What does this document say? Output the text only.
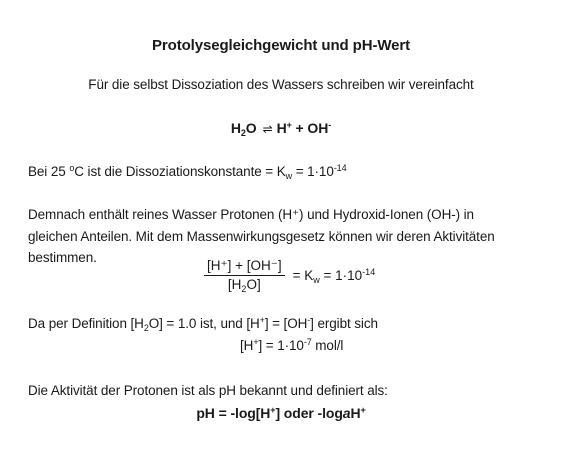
Protolysegleichgewicht und pH-Wert
Für die selbst Dissoziation des Wassers schreiben wir vereinfacht
$H_2O$ ⇌ H+ + OH-
Bei 25 $^o$C ist die Dissoziationskonstante = $K_w = 1\cdot 10^{-14}$
Demnach enthält reines Wasser Protonen (H⁺) und Hydroxid-Ionen (OH-) in
gleichen Anteilen. Mit dem Massenwirkungsgesetz können wir deren Aktivitäten
bestimmen.
$\frac{[H^+] + [OH^-]}{[H_2O]} = K_w = 1\cdot 10^{-14}$
Da per Definition $[H_2O] = 1.0$ ist, und [H+] = [OH-] ergibt sich
$[H^+] = 1\cdot 10^{-7}$ mol/l
Die Aktivität der Protonen ist als pH bekannt und definiert als:
pH = -log[H+] oder -logaH+
